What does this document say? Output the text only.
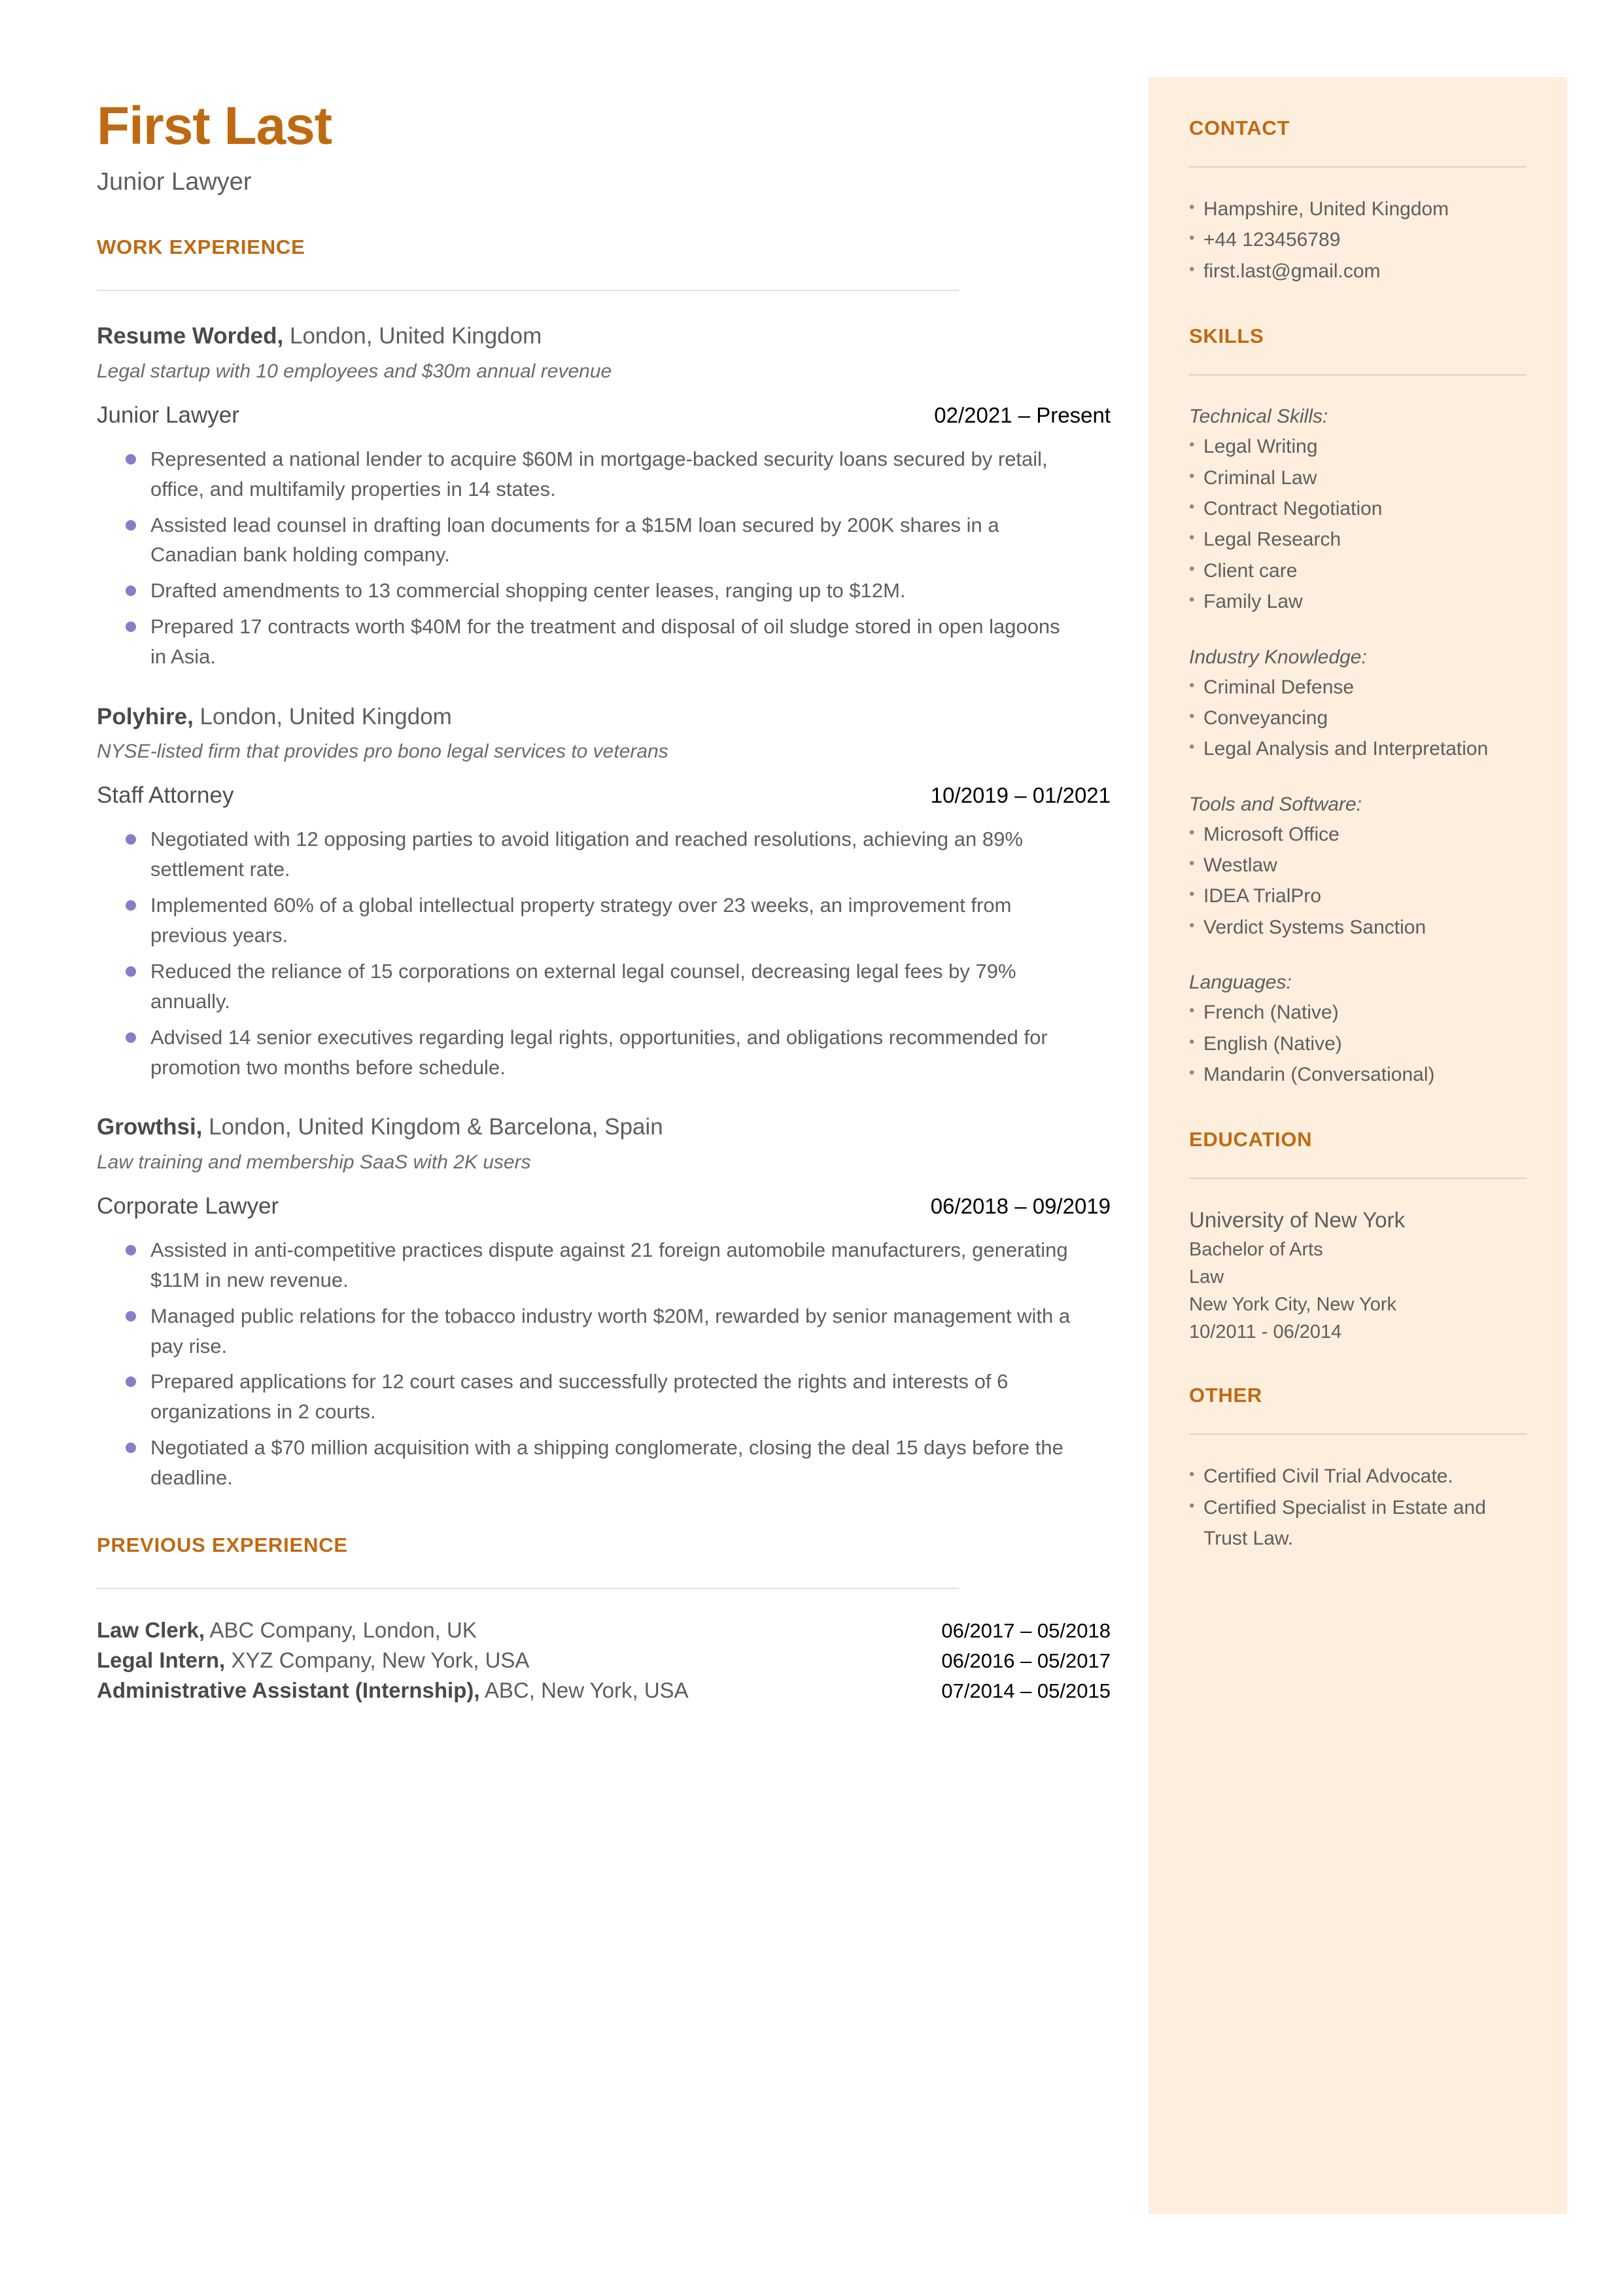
CONTACT
• Hampshire, United Kingdom
• +44 123456789
• first.last@gmail.com
SKILLS
Technical Skills:
• Legal Writing
• Criminal Law
• Contract Negotiation
• Legal Research
• Client care
• Family Law
Industry Knowledge:
• Criminal Defense
• Conveyancing
• Legal Analysis and Interpretation
Tools and Software:
• Microsoft Office
• Westlaw
• IDEA TrialPro
• Verdict Systems Sanction
Languages:
• French (Native)
• English (Native)
• Mandarin (Conversational)
EDUCATION
University of New York
Bachelor of Arts
Law
New York City, New York
10/2011 - 06/2014
OTHER
• Certified Civil Trial Advocate.
• Certified Specialist in Estate and Trust Law.
First Last
Junior Lawyer
WORK EXPERIENCE
Resume Worded, London, United Kingdom
Legal startup with 10 employees and $30m annual revenue
Junior Lawyer	02/2021 – Present
Represented a national lender to acquire $60M in mortgage-backed security loans secured by retail, office, and multifamily properties in 14 states.
Assisted lead counsel in drafting loan documents for a $15M loan secured by 200K shares in a Canadian bank holding company.
Drafted amendments to 13 commercial shopping center leases, ranging up to $12M.
Prepared 17 contracts worth $40M for the treatment and disposal of oil sludge stored in open lagoons in Asia.
Polyhire, London, United Kingdom
NYSE-listed firm that provides pro bono legal services to veterans
Staff Attorney	10/2019 – 01/2021
Negotiated with 12 opposing parties to avoid litigation and reached resolutions, achieving an 89% settlement rate.
Implemented 60% of a global intellectual property strategy over 23 weeks, an improvement from previous years.
Reduced the reliance of 15 corporations on external legal counsel, decreasing legal fees by 79% annually.
Advised 14 senior executives regarding legal rights, opportunities, and obligations recommended for promotion two months before schedule.
Growthsi, London, United Kingdom & Barcelona, Spain
Law training and membership SaaS with 2K users
Corporate Lawyer	06/2018 – 09/2019
Assisted in anti-competitive practices dispute against 21 foreign automobile manufacturers, generating $11M in new revenue.
Managed public relations for the tobacco industry worth $20M, rewarded by senior management with a pay rise.
Prepared applications for 12 court cases and successfully protected the rights and interests of 6 organizations in 2 courts.
Negotiated a $70 million acquisition with a shipping conglomerate, closing the deal 15 days before the deadline.
PREVIOUS EXPERIENCE
Law Clerk, ABC Company, London, UK	06/2017 – 05/2018
Legal Intern, XYZ Company, New York, USA	06/2016 – 05/2017
Administrative Assistant (Internship), ABC, New York, USA	07/2014 – 05/2015
